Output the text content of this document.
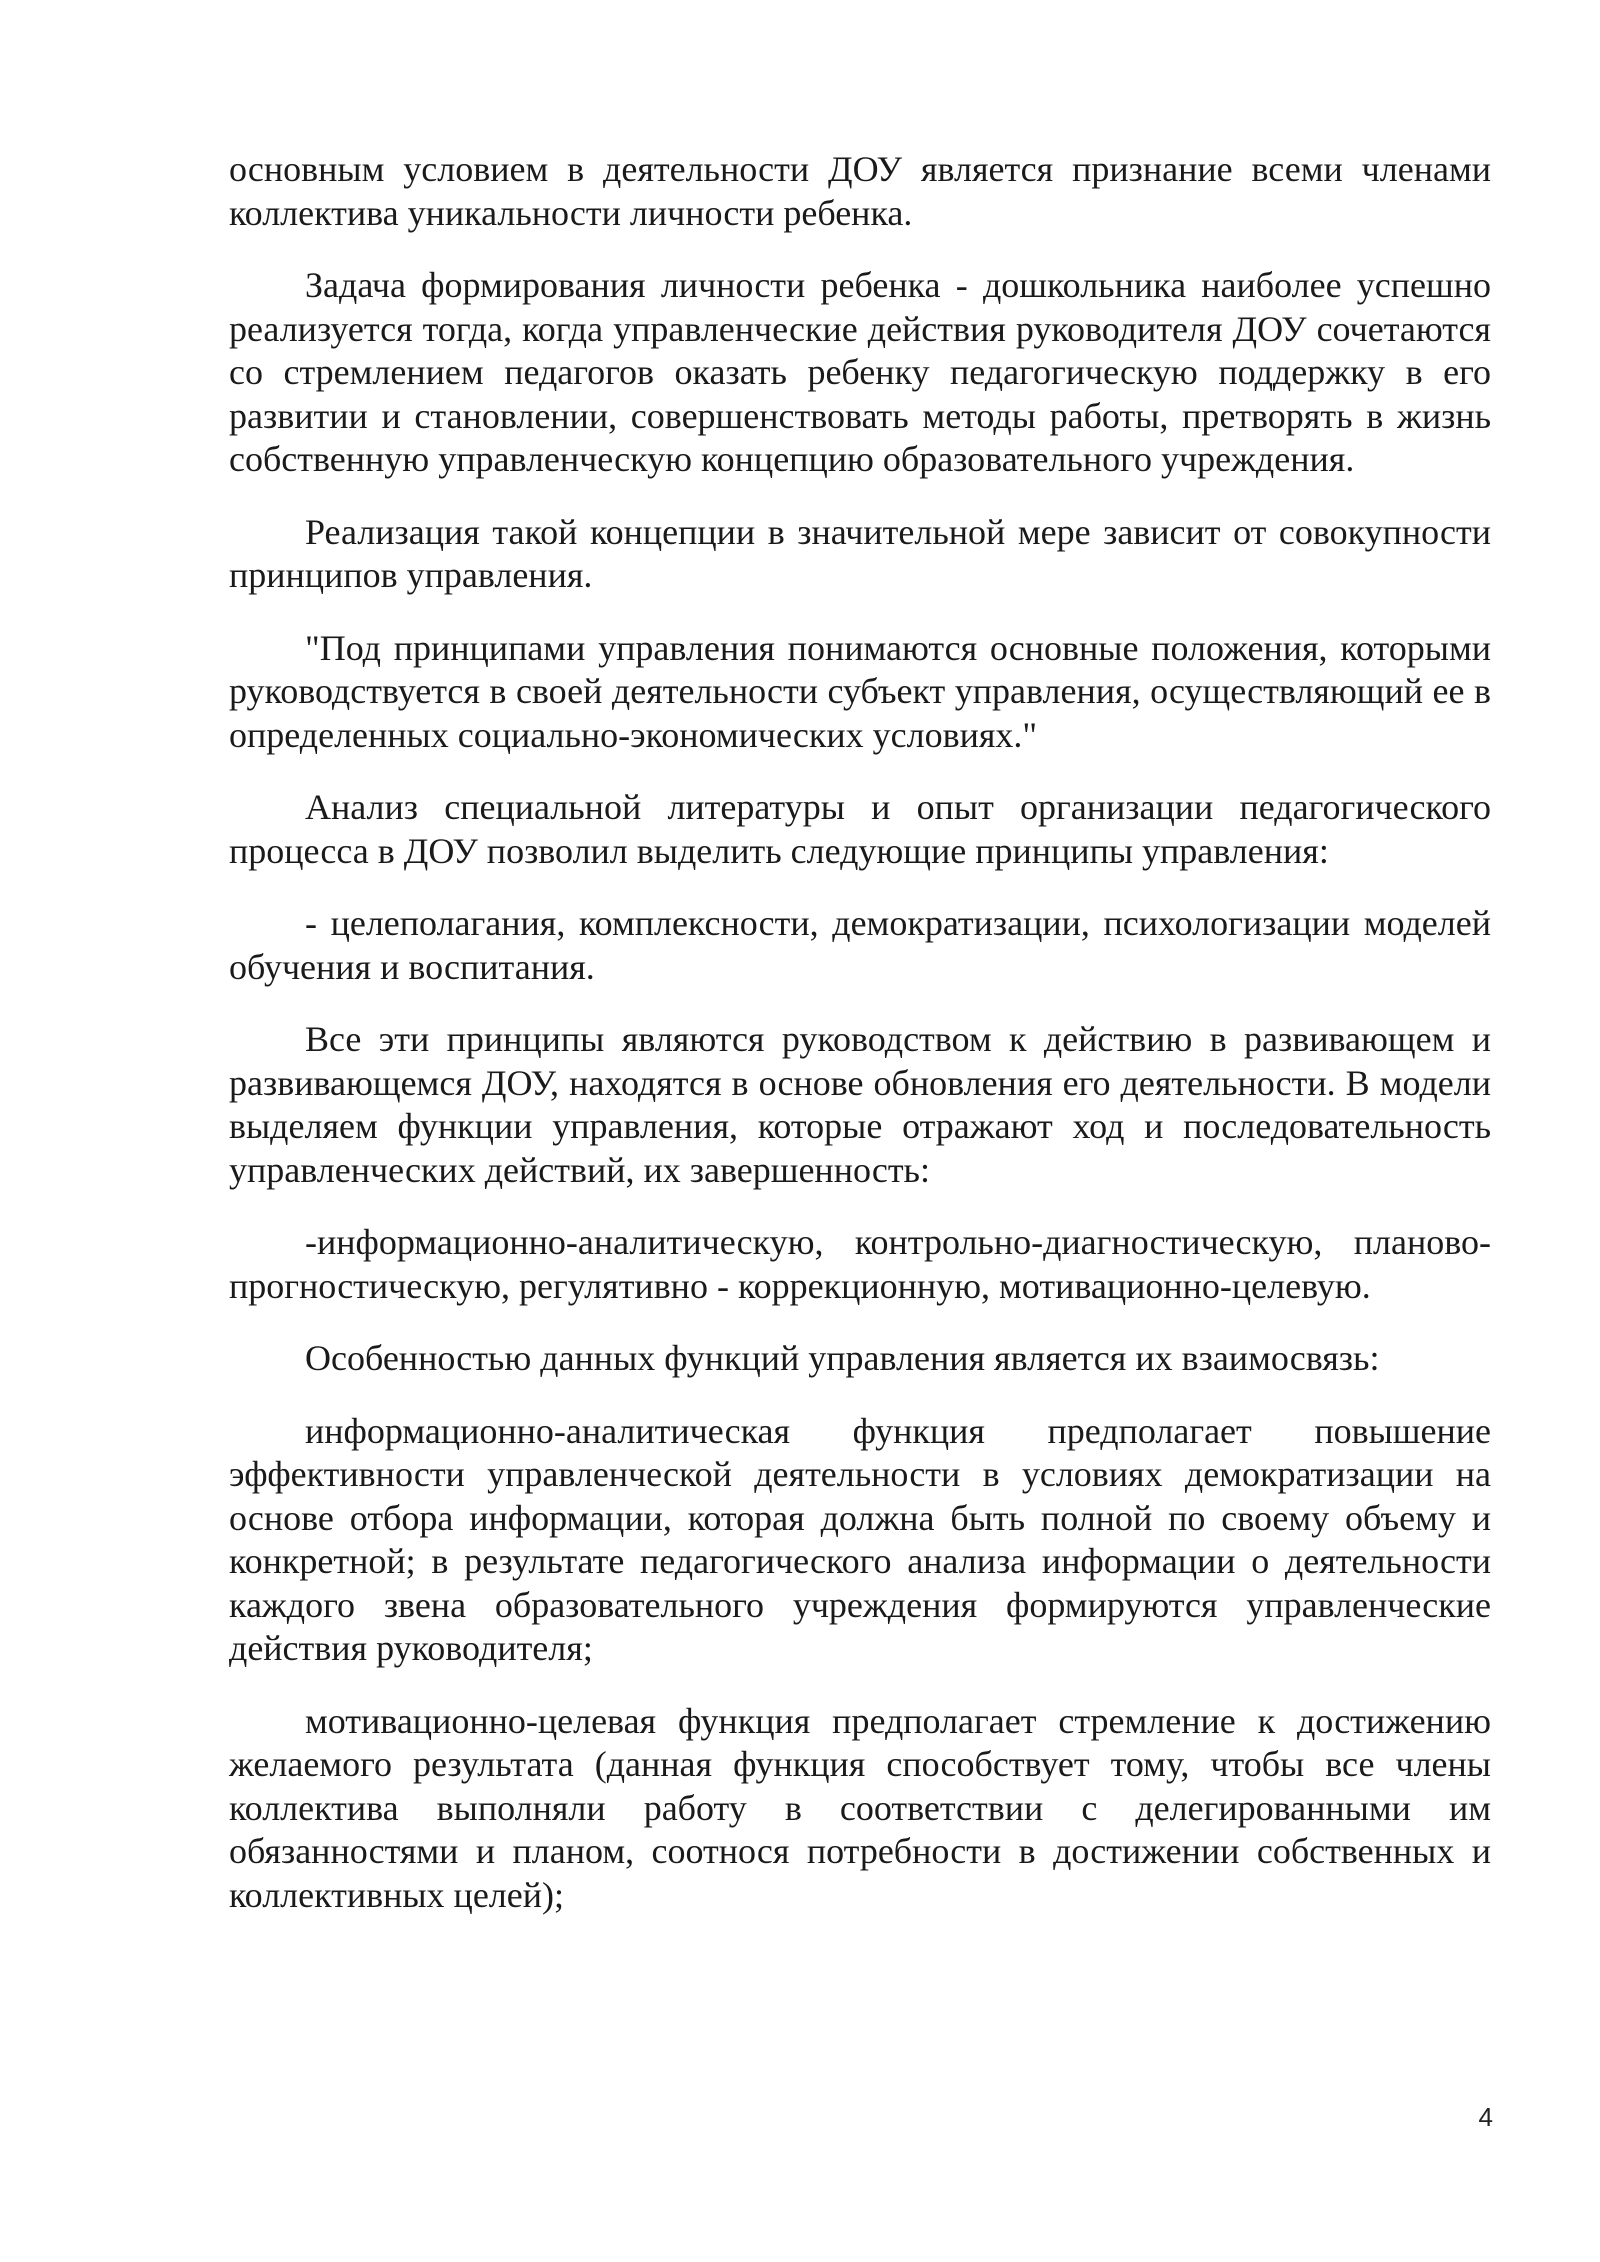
основным условием в деятельности ДОУ является признание всеми членами коллектива уникальности личности ребенка.

Задача формирования личности ребенка - дошкольника наиболее успешно реализуется тогда, когда управленческие действия руководителя ДОУ сочетаются со стремлением педагогов оказать ребенку педагогическую поддержку в его развитии и становлении, совершенствовать методы работы, претворять в жизнь собственную управленческую концепцию образовательного учреждения.

Реализация такой концепции в значительной мере зависит от совокупности принципов управления.

"Под принципами управления понимаются основные положения, которыми руководствуется в своей деятельности субъект управления, осуществляющий ее в определенных социально-экономических условиях."

Анализ специальной литературы и опыт организации педагогического процесса в ДОУ позволил выделить следующие принципы управления:

- целеполагания, комплексности, демократизации, психологизации моделей обучения и воспитания.

Все эти принципы являются руководством к действию в развивающем и развивающемся ДОУ, находятся в основе обновления его деятельности. В модели выделяем функции управления, которые отражают ход и последовательность управленческих действий, их завершенность:

-информационно-аналитическую, контрольно-диагностическую, планово-прогностическую, регулятивно - коррекционную, мотивационно-целевую.

Особенностью данных функций управления является их взаимосвязь:

информационно-аналитическая функция предполагает повышение эффективности управленческой деятельности в условиях демократизации на основе отбора информации, которая должна быть полной по своему объему и конкретной; в результате педагогического анализа информации о деятельности каждого звена образовательного учреждения формируются управленческие действия руководителя;

мотивационно-целевая функция предполагает стремление к достижению желаемого результата (данная функция способствует тому, чтобы все члены коллектива выполняли работу в соответствии с делегированными им обязанностями и планом, соотнося потребности в достижении собственных и коллективных целей);

4
